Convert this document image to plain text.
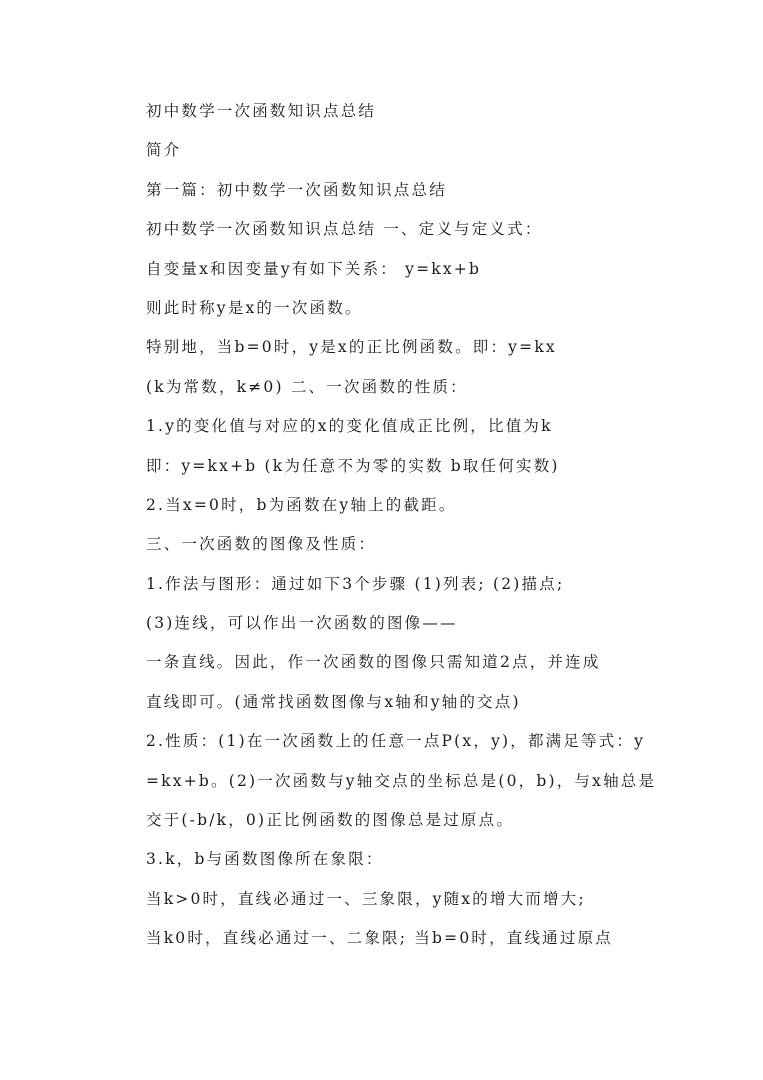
初中数学一次函数知识点总结
简介
第一篇：初中数学一次函数知识点总结
初中数学一次函数知识点总结 一、定义与定义式：
自变量x和因变量y有如下关系： y=kx+b
则此时称y是x的一次函数。
特别地，当b=0时，y是x的正比例函数。即：y=kx
(k为常数，k≠0) 二、一次函数的性质：
1.y的变化值与对应的x的变化值成正比例，比值为k
即：y=kx+b (k为任意不为零的实数 b取任何实数)
2.当x=0时，b为函数在y轴上的截距。
三、一次函数的图像及性质：
1.作法与图形：通过如下3个步骤 (1)列表; (2)描点;
(3)连线，可以作出一次函数的图像——
一条直线。因此，作一次函数的图像只需知道2点，并连成
直线即可。(通常找函数图像与x轴和y轴的交点)
2.性质：(1)在一次函数上的任意一点P(x，y)，都满足等式：y
=kx+b。(2)一次函数与y轴交点的坐标总是(0，b)，与x轴总是
交于(-b/k，0)正比例函数的图像总是过原点。
3.k，b与函数图像所在象限：
当k>0时，直线必通过一、三象限，y随x的增大而增大;
当k0时，直线必通过一、二象限; 当b=0时，直线通过原点
